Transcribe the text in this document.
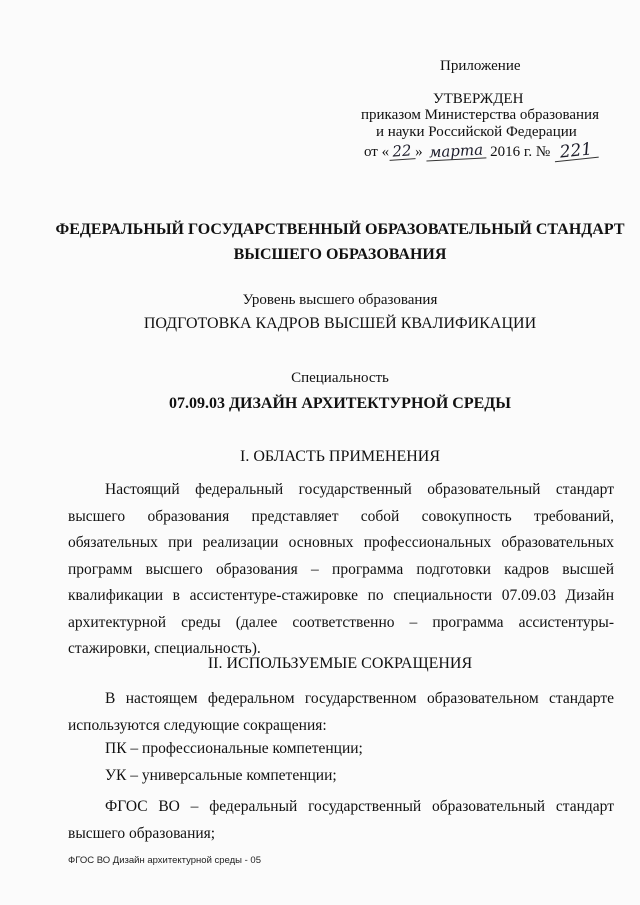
Приложение
УТВЕРЖДЕН
приказом Министерства образования
и науки Российской Федерации
от « 22 » марта 2016 г. № 221
ФЕДЕРАЛЬНЫЙ ГОСУДАРСТВЕННЫЙ ОБРАЗОВАТЕЛЬНЫЙ СТАНДАРТ
ВЫСШЕГО ОБРАЗОВАНИЯ
Уровень высшего образования
ПОДГОТОВКА КАДРОВ ВЫСШЕЙ КВАЛИФИКАЦИИ
Специальность
07.09.03 ДИЗАЙН АРХИТЕКТУРНОЙ СРЕДЫ
I. ОБЛАСТЬ ПРИМЕНЕНИЯ
Настоящий федеральный государственный образовательный стандарт высшего образования представляет собой совокупность требований, обязательных при реализации основных профессиональных образовательных программ высшего образования – программа подготовки кадров высшей квалификации в ассистентуре-стажировке по специальности 07.09.03 Дизайн архитектурной среды (далее соответственно – программа ассистентуры-стажировки, специальность).
II. ИСПОЛЬЗУЕМЫЕ СОКРАЩЕНИЯ
В настоящем федеральном государственном образовательном стандарте используются следующие сокращения:
ПК – профессиональные компетенции;
УК – универсальные компетенции;
ФГОС ВО – федеральный государственный образовательный стандарт высшего образования;
ФГОС ВО Дизайн архитектурной среды - 05
